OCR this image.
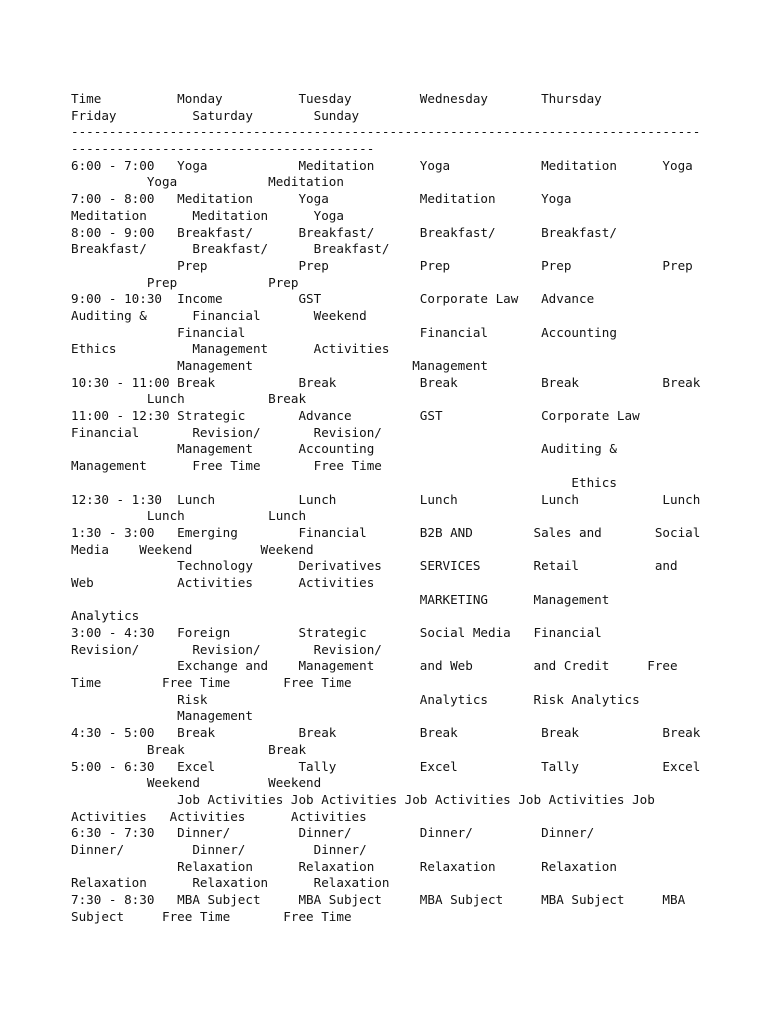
Time          Monday          Tuesday         Wednesday       Thursday
Friday          Saturday        Sunday
-----------------------------------------------------------------------------------
----------------------------------------
6:00 - 7:00   Yoga            Meditation      Yoga            Meditation      Yoga
Yoga            Meditation
7:00 - 8:00   Meditation      Yoga            Meditation      Yoga
Meditation      Meditation      Yoga
8:00 - 9:00   Breakfast/      Breakfast/      Breakfast/      Breakfast/
Breakfast/      Breakfast/      Breakfast/
Prep            Prep            Prep            Prep            Prep
Prep            Prep
9:00 - 10:30  Income          GST             Corporate Law   Advance
Auditing &      Financial       Weekend
Financial                       Financial       Accounting
Ethics          Management      Activities
Management                     Management
10:30 - 11:00 Break           Break           Break           Break           Break
Lunch           Break
11:00 - 12:30 Strategic       Advance         GST             Corporate Law
Financial       Revision/       Revision/
Management      Accounting                      Auditing &
Management      Free Time       Free Time
Ethics
12:30 - 1:30  Lunch           Lunch           Lunch           Lunch           Lunch
Lunch           Lunch
1:30 - 3:00   Emerging        Financial       B2B AND        Sales and       Social
Media    Weekend         Weekend
Technology      Derivatives     SERVICES       Retail          and
Web           Activities      Activities
MARKETING      Management
Analytics
3:00 - 4:30   Foreign         Strategic       Social Media   Financial
Revision/       Revision/       Revision/
Exchange and    Management      and Web        and Credit     Free
Time        Free Time       Free Time
Risk                            Analytics      Risk Analytics
Management
4:30 - 5:00   Break           Break           Break           Break           Break
Break           Break
5:00 - 6:30   Excel           Tally           Excel           Tally           Excel
Weekend         Weekend
Job Activities Job Activities Job Activities Job Activities Job
Activities   Activities      Activities
6:30 - 7:30   Dinner/         Dinner/         Dinner/         Dinner/
Dinner/         Dinner/         Dinner/
Relaxation      Relaxation      Relaxation      Relaxation
Relaxation      Relaxation      Relaxation
7:30 - 8:30   MBA Subject     MBA Subject     MBA Subject     MBA Subject     MBA
Subject     Free Time       Free Time
